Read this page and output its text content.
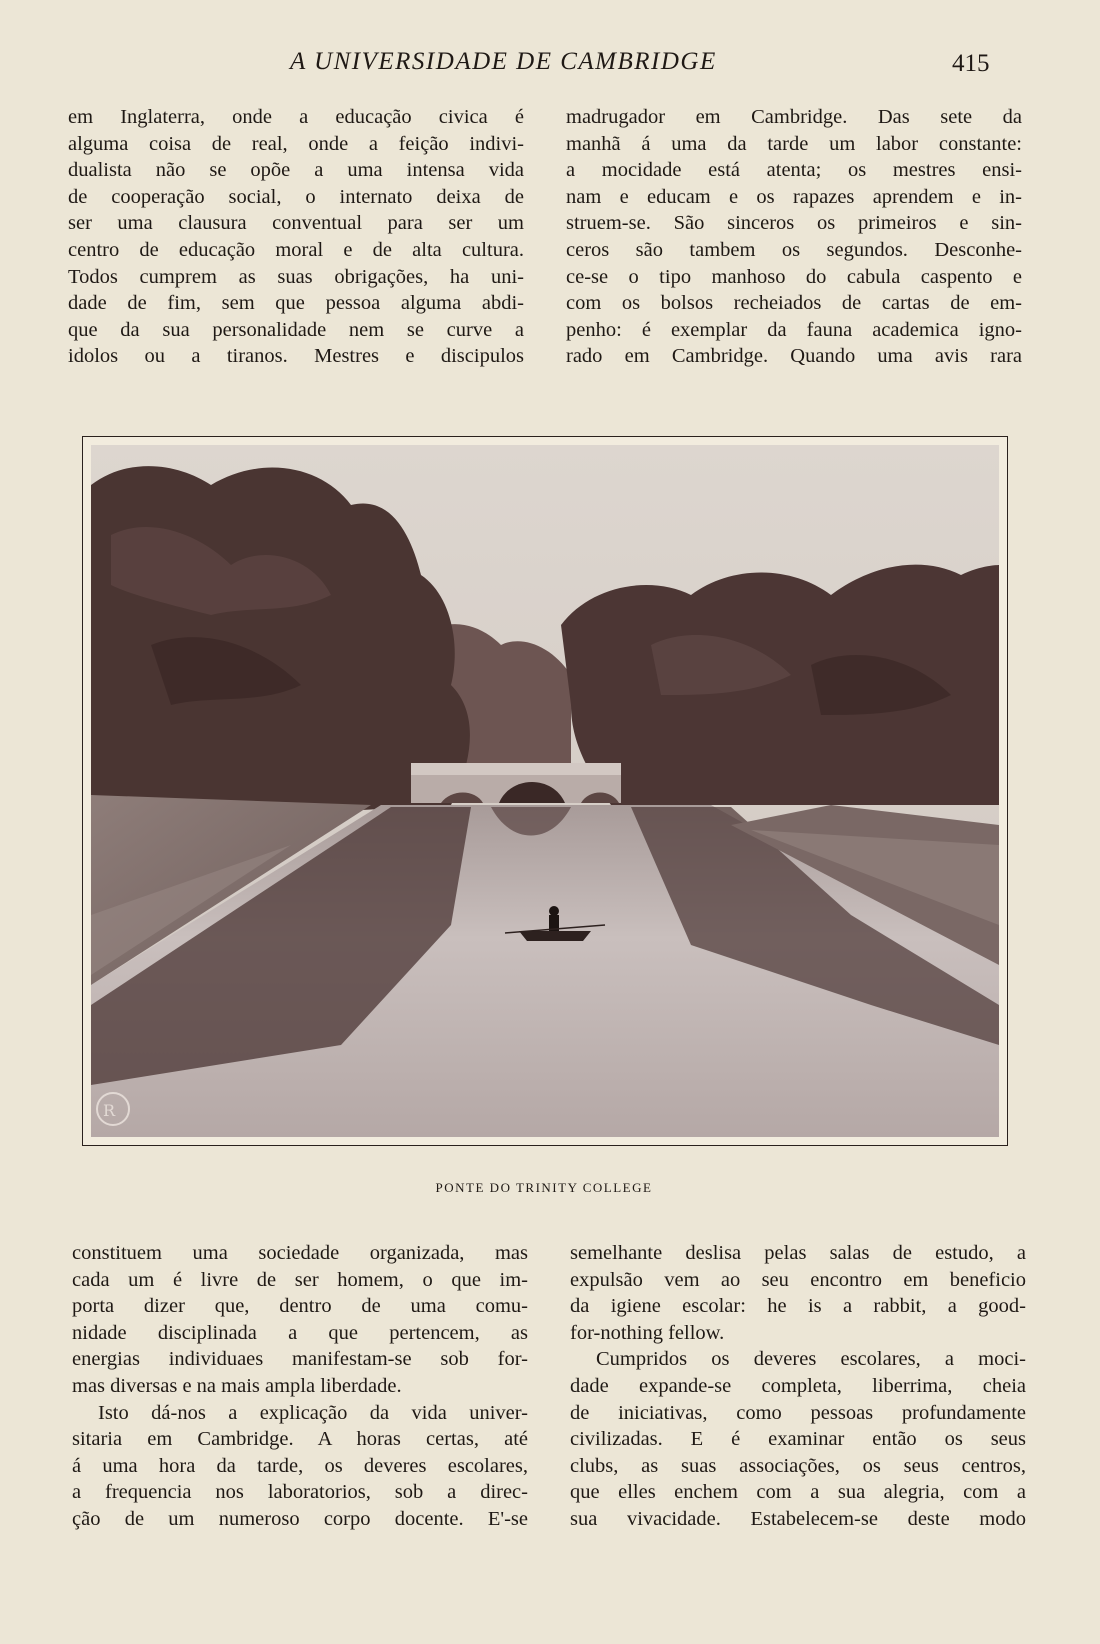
A UNIVERSIDADE DE CAMBRIDGE	415
em Inglaterra, onde a educação civica é
alguma coisa de real, onde a feição indivi-
dualista não se opõe a uma intensa vida
de cooperação social, o internato deixa de
ser uma clausura conventual para ser um
centro de educação moral e de alta cultura.
Todos cumprem as suas obrigações, ha uni-
dade de fim, sem que pessoa alguma abdi-
que da sua personalidade nem se curve a
idolos ou a tiranos. Mestres e discipulos
madrugador em Cambridge. Das sete da
manhã á uma da tarde um labor constante:
a mocidade está atenta; os mestres ensi-
nam e educam e os rapazes aprendem e in-
struem-se. São sinceros os primeiros e sin-
ceros são tambem os segundos. Desconhe-
ce-se o tipo manhoso do cabula caspento e
com os bolsos recheiados de cartas de em-
penho: é exemplar da fauna academica igno-
rado em Cambridge. Quando uma avis rara
R
PONTE DO TRINITY COLLEGE
constituem uma sociedade organizada, mas
cada um é livre de ser homem, o que im-
porta dizer que, dentro de uma comu-
nidade disciplinada a que pertencem, as
energias individuaes manifestam-se sob for-
mas diversas e na mais ampla liberdade.
Isto dá-nos a explicação da vida univer-
sitaria em Cambridge. A horas certas, até
á uma hora da tarde, os deveres escolares,
a frequencia nos laboratorios, sob a direc-
ção de um numeroso corpo docente. E'-se
semelhante deslisa pelas salas de estudo, a
expulsão vem ao seu encontro em beneficio
da igiene escolar: he is a rabbit, a good-
for-nothing fellow.
Cumpridos os deveres escolares, a moci-
dade expande-se completa, liberrima, cheia
de iniciativas, como pessoas profundamente
civilizadas. E é examinar então os seus
clubs, as suas associações, os seus centros,
que elles enchem com a sua alegria, com a
sua vivacidade. Estabelecem-se deste modo
